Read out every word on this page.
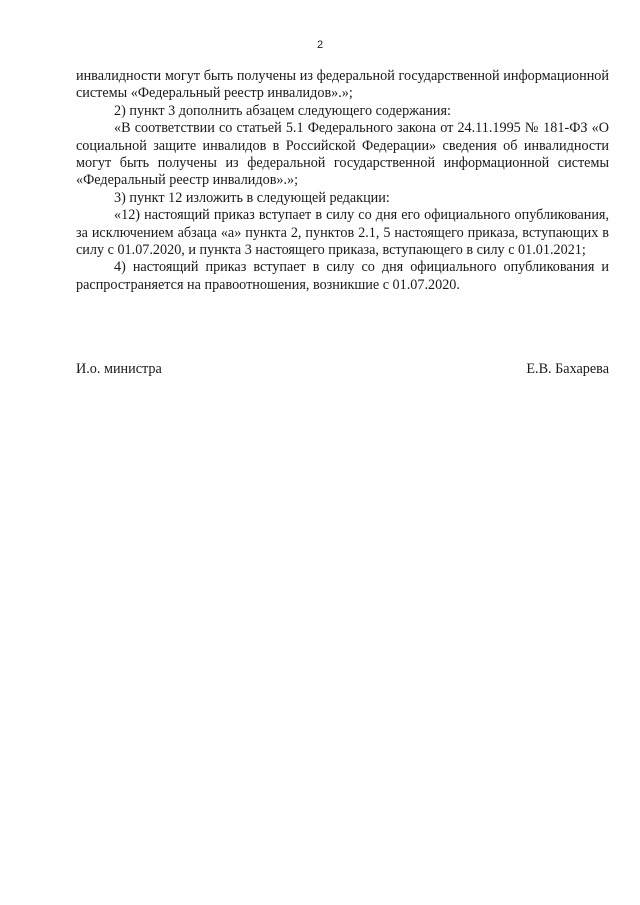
2

инвалидности могут быть получены из федеральной государственной информационной системы «Федеральный реестр инвалидов».»;

2) пункт 3 дополнить абзацем следующего содержания:

«В соответствии со статьей 5.1 Федерального закона от 24.11.1995 № 181-ФЗ «О социальной защите инвалидов в Российской Федерации» сведения об инвалидности могут быть получены из федеральной государственной информационной системы «Федеральный реестр инвалидов».»;

3) пункт 12 изложить в следующей редакции:

«12) настоящий приказ вступает в силу со дня его официального опубликования, за исключением абзаца «а» пункта 2, пунктов 2.1, 5 настоящего приказа, вступающих в силу с 01.07.2020, и пункта 3 настоящего приказа, вступающего в силу с 01.01.2021;

4) настоящий приказ вступает в силу со дня официального опубликования и распространяется на правоотношения, возникшие с 01.07.2020.

И.о. министра	Е.В. Бахарева
